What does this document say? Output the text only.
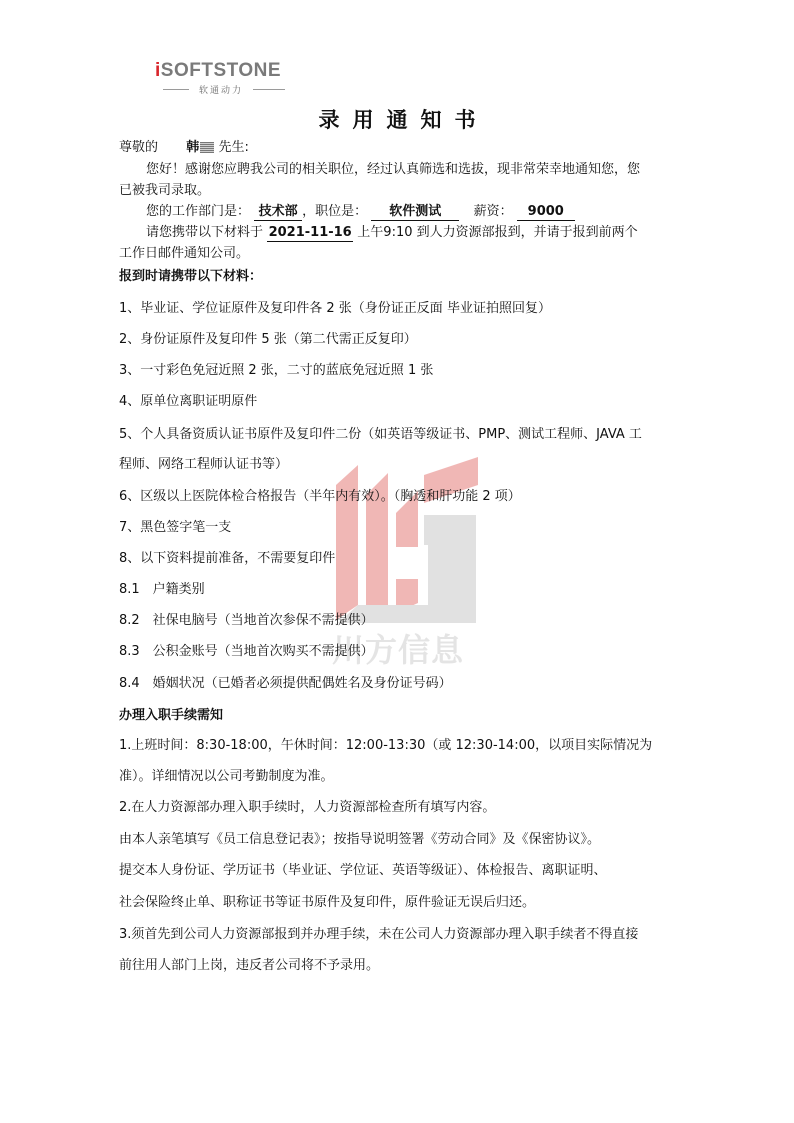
iSOFTSTONE
软通动力
川方信息
录用通知书
尊敬的 韩 先生:
您好！感谢您应聘我公司的相关职位，经过认真筛选和选拔，现非常荣幸地通知您，您
已被我司录取。
您的工作部门是： 技术部 ，职位是： 软件测试 薪资： 9000
请您携带以下材料于 2021-11-16 上午9:10 到人力资源部报到，并请于报到前两个
工作日邮件通知公司。
报到时请携带以下材料：
1、毕业证、学位证原件及复印件各 2 张（身份证正反面 毕业证拍照回复）
2、身份证原件及复印件 5 张（第二代需正反复印）
3、一寸彩色免冠近照 2 张，二寸的蓝底免冠近照 1 张
4、原单位离职证明原件
5、个人具备资质认证书原件及复印件二份（如英语等级证书、PMP、测试工程师、JAVA 工
程师、网络工程师认证书等）
6、区级以上医院体检合格报告（半年内有效）。（胸透和肝功能 2 项）
7、黑色签字笔一支
8、以下资料提前准备，不需要复印件
8.1　户籍类别
8.2　社保电脑号（当地首次参保不需提供）
8.3　公积金账号（当地首次购买不需提供）
8.4　婚姻状况（已婚者必须提供配偶姓名及身份证号码）
办理入职手续需知
1.上班时间：8:30-18:00，午休时间：12:00-13:30（或 12:30-14:00，以项目实际情况为
准）。详细情况以公司考勤制度为准。
2.在人力资源部办理入职手续时，人力资源部检查所有填写内容。
由本人亲笔填写《员工信息登记表》；按指导说明签署《劳动合同》及《保密协议》。
提交本人身份证、学历证书（毕业证、学位证、英语等级证）、体检报告、离职证明、
社会保险终止单、职称证书等证书原件及复印件，原件验证无误后归还。
3.须首先到公司人力资源部报到并办理手续，未在公司人力资源部办理入职手续者不得直接
前往用人部门上岗，违反者公司将不予录用。
